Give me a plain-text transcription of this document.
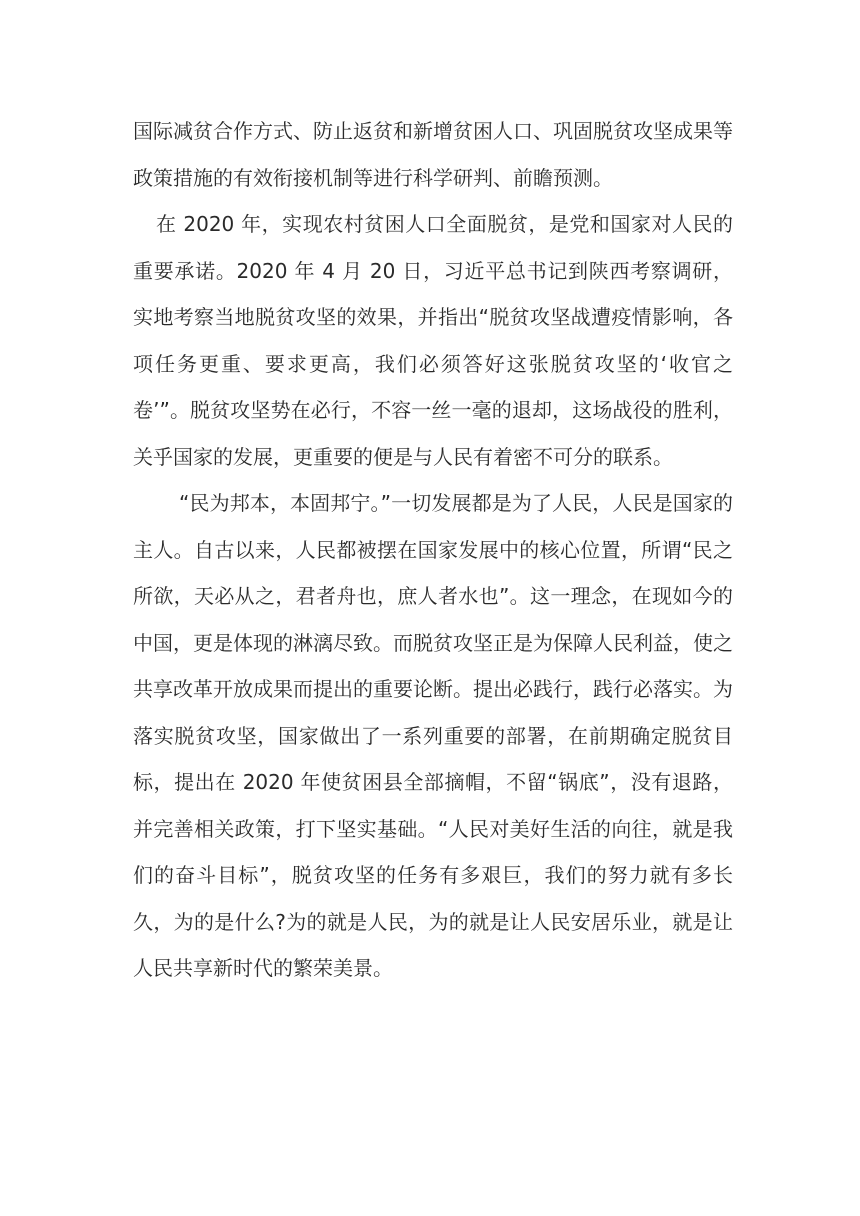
国际减贫合作方式、防止返贫和新增贫困人口、巩固脱贫攻坚成果等政策措施的有效衔接机制等进行科学研判、前瞻预测。

在 2020 年，实现农村贫困人口全面脱贫，是党和国家对人民的重要承诺。2020 年 4 月 20 日，习近平总书记到陕西考察调研，实地考察当地脱贫攻坚的效果，并指出“脱贫攻坚战遭疫情影响，各项任务更重、要求更高，我们必须答好这张脱贫攻坚的‘收官之卷’”。脱贫攻坚势在必行，不容一丝一毫的退却，这场战役的胜利，关乎国家的发展，更重要的便是与人民有着密不可分的联系。

“民为邦本，本固邦宁。”一切发展都是为了人民，人民是国家的主人。自古以来，人民都被摆在国家发展中的核心位置，所谓“民之所欲，天必从之，君者舟也，庶人者水也”。这一理念，在现如今的中国，更是体现的淋漓尽致。而脱贫攻坚正是为保障人民利益，使之共享改革开放成果而提出的重要论断。提出必践行，践行必落实。为落实脱贫攻坚，国家做出了一系列重要的部署，在前期确定脱贫目标，提出在 2020 年使贫困县全部摘帽，不留“锅底”，没有退路，并完善相关政策，打下坚实基础。“人民对美好生活的向往，就是我们的奋斗目标”，脱贫攻坚的任务有多艰巨，我们的努力就有多长久，为的是什么?为的就是人民，为的就是让人民安居乐业，就是让人民共享新时代的繁荣美景。
